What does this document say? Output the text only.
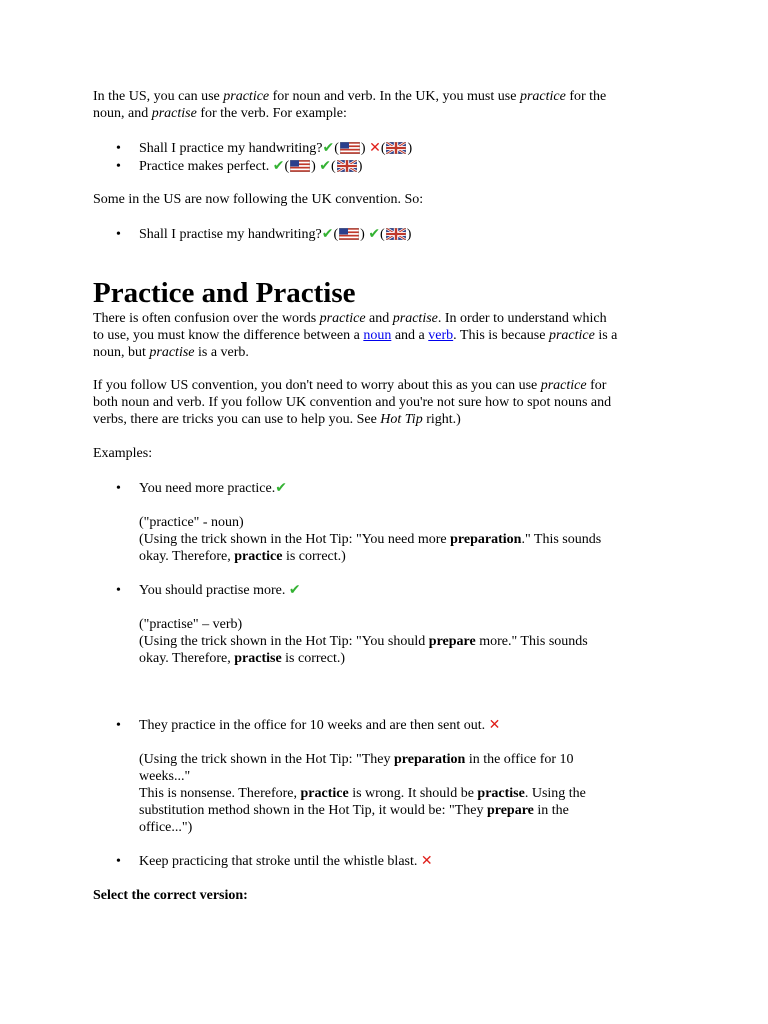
In the US, you can use practice for noun and verb. In the UK, you must use practice for the
noun, and practise for the verb. For example:

• Shall I practice my handwriting?✔( ) ✕( )
• Practice makes perfect. ✔( ) ✔( )

Some in the US are now following the UK convention. So:

• Shall I practise my handwriting?✔( ) ✔( )
Practice and Practise

There is often confusion over the words practice and practise. In order to understand which
to use, you must know the difference between a noun and a verb. This is because practice is a
noun, but practise is a verb.

If you follow US convention, you don't need to worry about this as you can use practice for
both noun and verb. If you follow UK convention and you're not sure how to spot nouns and
verbs, there are tricks you can use to help you. See Hot Tip right.)

Examples:

• You need more practice.✔
("practice" - noun)
(Using the trick shown in the Hot Tip: "You need more preparation." This sounds
okay. Therefore, practice is correct.)
• You should practise more. ✔
("practise" – verb)
(Using the trick shown in the Hot Tip: "You should prepare more." This sounds
okay. Therefore, practise is correct.)
• They practice in the office for 10 weeks and are then sent out. ✕
(Using the trick shown in the Hot Tip: "They preparation in the office for 10
weeks..."
This is nonsense. Therefore, practice is wrong. It should be practise. Using the
substitution method shown in the Hot Tip, it would be: "They prepare in the
office...")
• Keep practicing that stroke until the whistle blast. ✕

Select the correct version:
